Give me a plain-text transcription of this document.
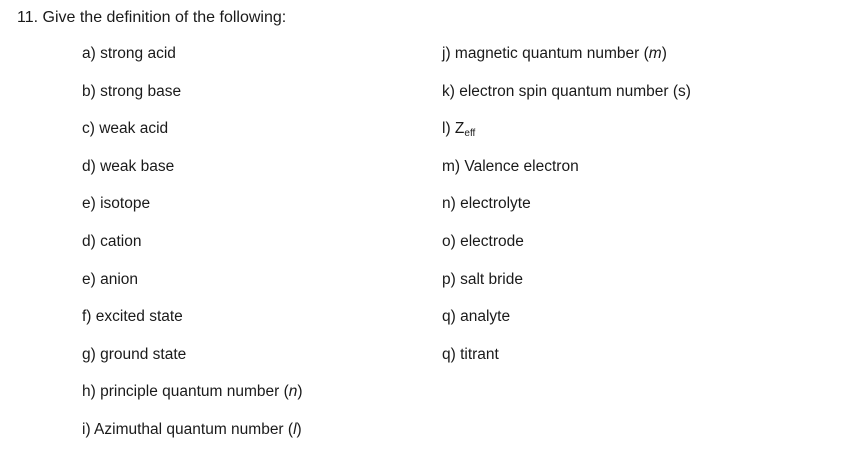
11. Give the definition of the following:
a) strong acid
b) strong base
c) weak acid
d) weak base
e) isotope
d) cation
e) anion
f) excited state
g) ground state
h) principle quantum number (n)
i) Azimuthal quantum number (l)
j) magnetic quantum number (m)
k) electron spin quantum number (s)
l) Zeff
m) Valence electron
n) electrolyte
o) electrode
p) salt bride
q) analyte
q) titrant
